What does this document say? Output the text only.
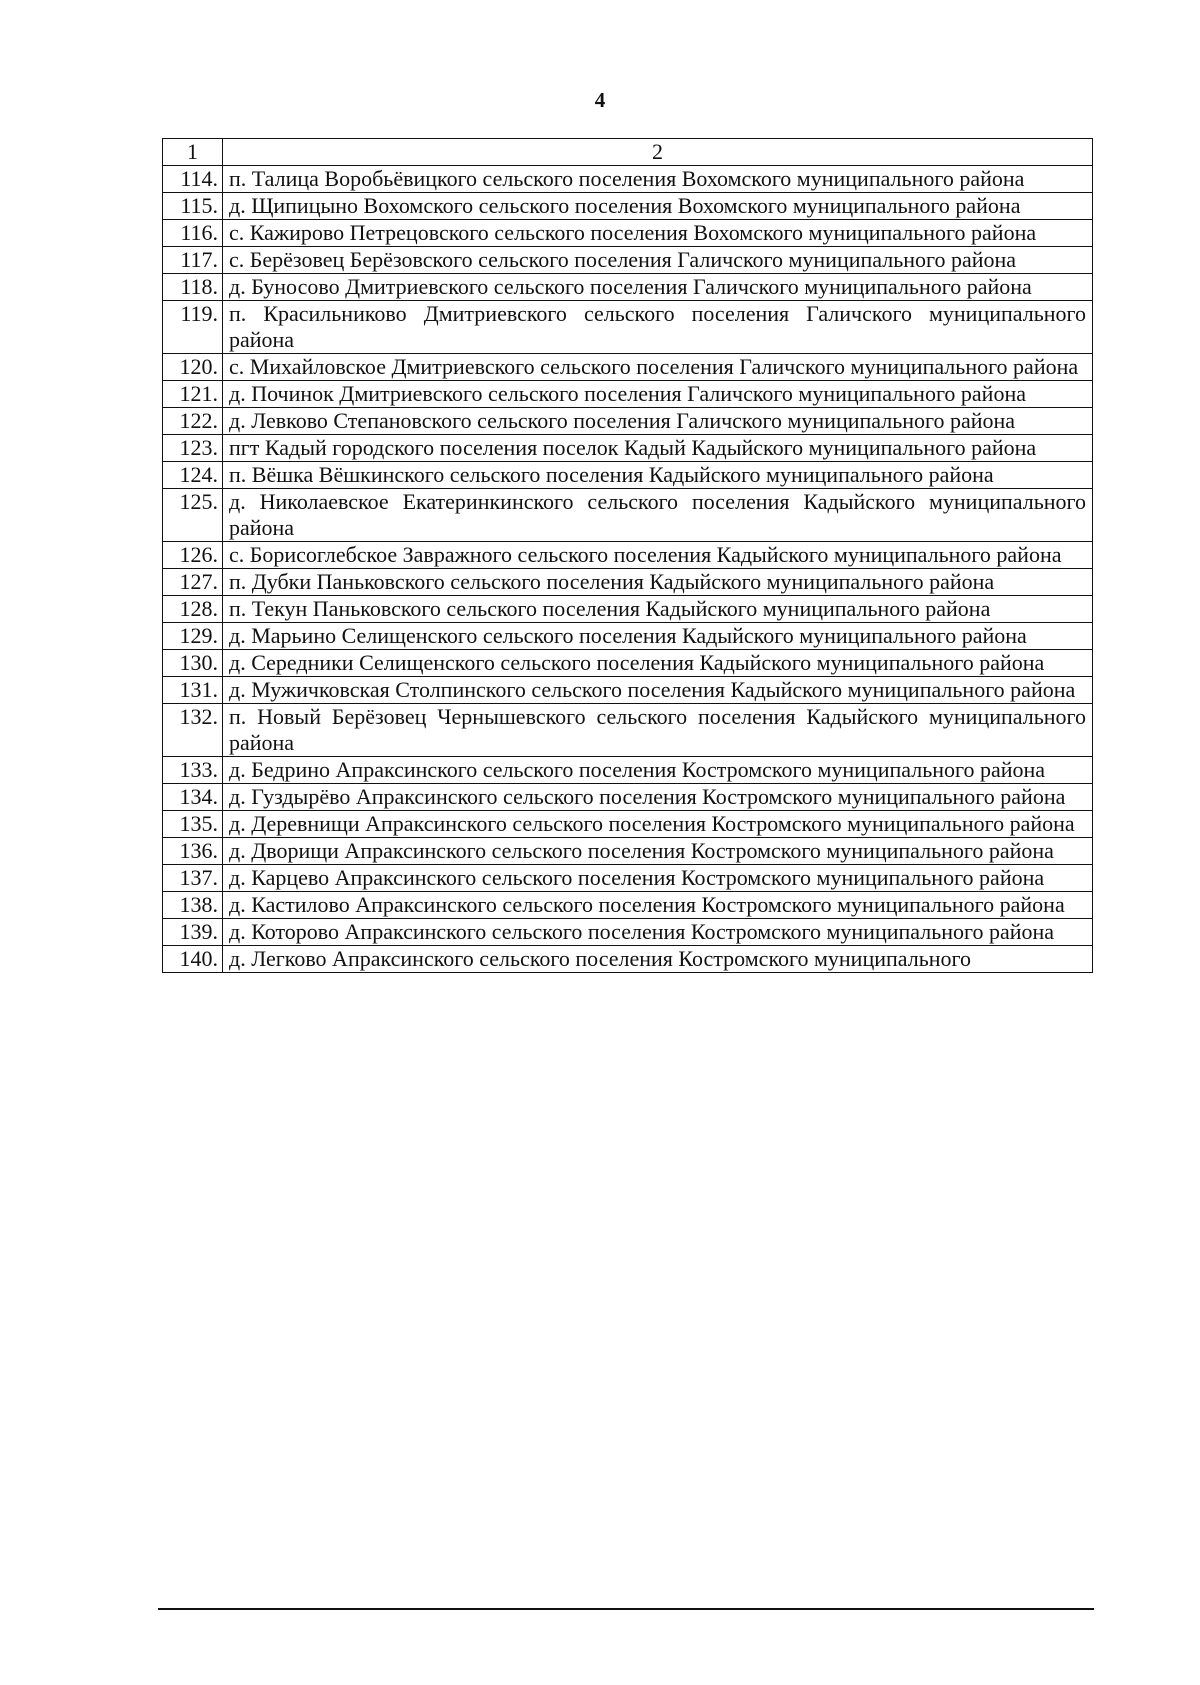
4
1	2
114.	п. Талица Воробьёвицкого сельского поселения Вохомского муниципального района
115.	д. Щипицыно Вохомского сельского поселения Вохомского муниципального района
116.	с. Кажирово Петрецовского сельского поселения Вохомского муниципального района
117.	с. Берёзовец Берёзовского сельского поселения Галичского муниципального района
118.	д. Буносово Дмитриевского сельского поселения Галичского муниципального района
119.	п. Красильниково Дмитриевского сельского поселения Галичского муниципального района
120.	с. Михайловское Дмитриевского сельского поселения Галичского муниципального района
121.	д. Починок Дмитриевского сельского поселения Галичского муниципального района
122.	д. Левково Степановского сельского поселения Галичского муниципального района
123.	пгт Кадый городского поселения поселок Кадый Кадыйского муниципального района
124.	п. Вёшка Вёшкинского сельского поселения Кадыйского муниципального района
125.	д. Николаевское Екатеринкинского сельского поселения Кадыйского муниципального района
126.	с. Борисоглебское Завражного сельского поселения Кадыйского муниципального района
127.	п. Дубки Паньковского сельского поселения Кадыйского муниципального района
128.	п. Текун Паньковского сельского поселения Кадыйского муниципального района
129.	д. Марьино Селищенского сельского поселения Кадыйского муниципального района
130.	д. Середники Селищенского сельского поселения Кадыйского муниципального района
131.	д. Мужичковская Столпинского сельского поселения Кадыйского муниципального района
132.	п. Новый Берёзовец Чернышевского сельского поселения Кадыйского муниципального района
133.	д. Бедрино Апраксинского сельского поселения Костромского муниципального района
134.	д. Гуздырёво Апраксинского сельского поселения Костромского муниципального района
135.	д. Деревнищи Апраксинского сельского поселения Костромского муниципального района
136.	д. Дворищи Апраксинского сельского поселения Костромского муниципального района
137.	д. Карцево Апраксинского сельского поселения Костромского муниципального района
138.	д. Кастилово Апраксинского сельского поселения Костромского муниципального района
139.	д. Которово Апраксинского сельского поселения Костромского муниципального района
140.	д. Легково Апраксинского сельского поселения Костромского муниципального
